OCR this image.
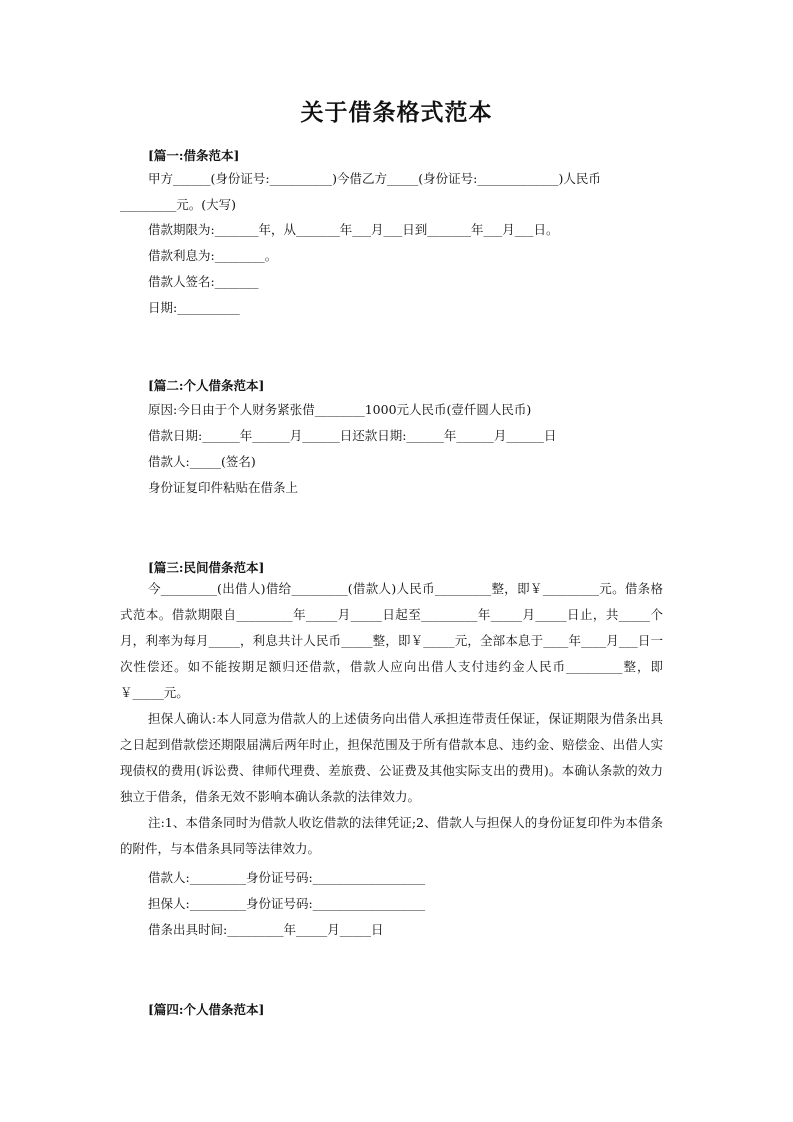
关于借条格式范本
[篇一:借条范本]
甲方______(身份证号:__________)今借乙方_____(身份证号:_____________)人民币
_________元。(大写)
借款期限为:_______年，从_______年___月___日到_______年___月___日。
借款利息为:________。
借款人签名:_______
日期:__________
[篇二:个人借条范本]
原因:今日由于个人财务紧张借________1000元人民币(壹仟圆人民币)
借款日期:______年______月______日还款日期:______年______月______日
借款人:_____(签名)
身份证复印件粘贴在借条上
[篇三:民间借条范本]
今_________(出借人)借给_________(借款人)人民币_________整，即￥_________元。借条格式范本。借款期限自_________年_____月_____日起至_________年_____月_____日止，共_____个月，利率为每月_____，利息共计人民币_____整，即￥_____元，全部本息于____年____月___日一次性偿还。如不能按期足额归还借款，借款人应向出借人支付违约金人民币_________整，即￥_____元。
担保人确认:本人同意为借款人的上述债务向出借人承担连带责任保证，保证期限为借条出具之日起到借款偿还期限届满后两年时止，担保范围及于所有借款本息、违约金、赔偿金、出借人实现债权的费用(诉讼费、律师代理费、差旅费、公证费及其他实际支出的费用)。本确认条款的效力独立于借条，借条无效不影响本确认条款的法律效力。
注:1、本借条同时为借款人收讫借款的法律凭证;2、借款人与担保人的身份证复印件为本借条的附件，与本借条具同等法律效力。
借款人:_________身份证号码:__________________
担保人:_________身份证号码:__________________
借条出具时间:_________年_____月_____日
[篇四:个人借条范本]
